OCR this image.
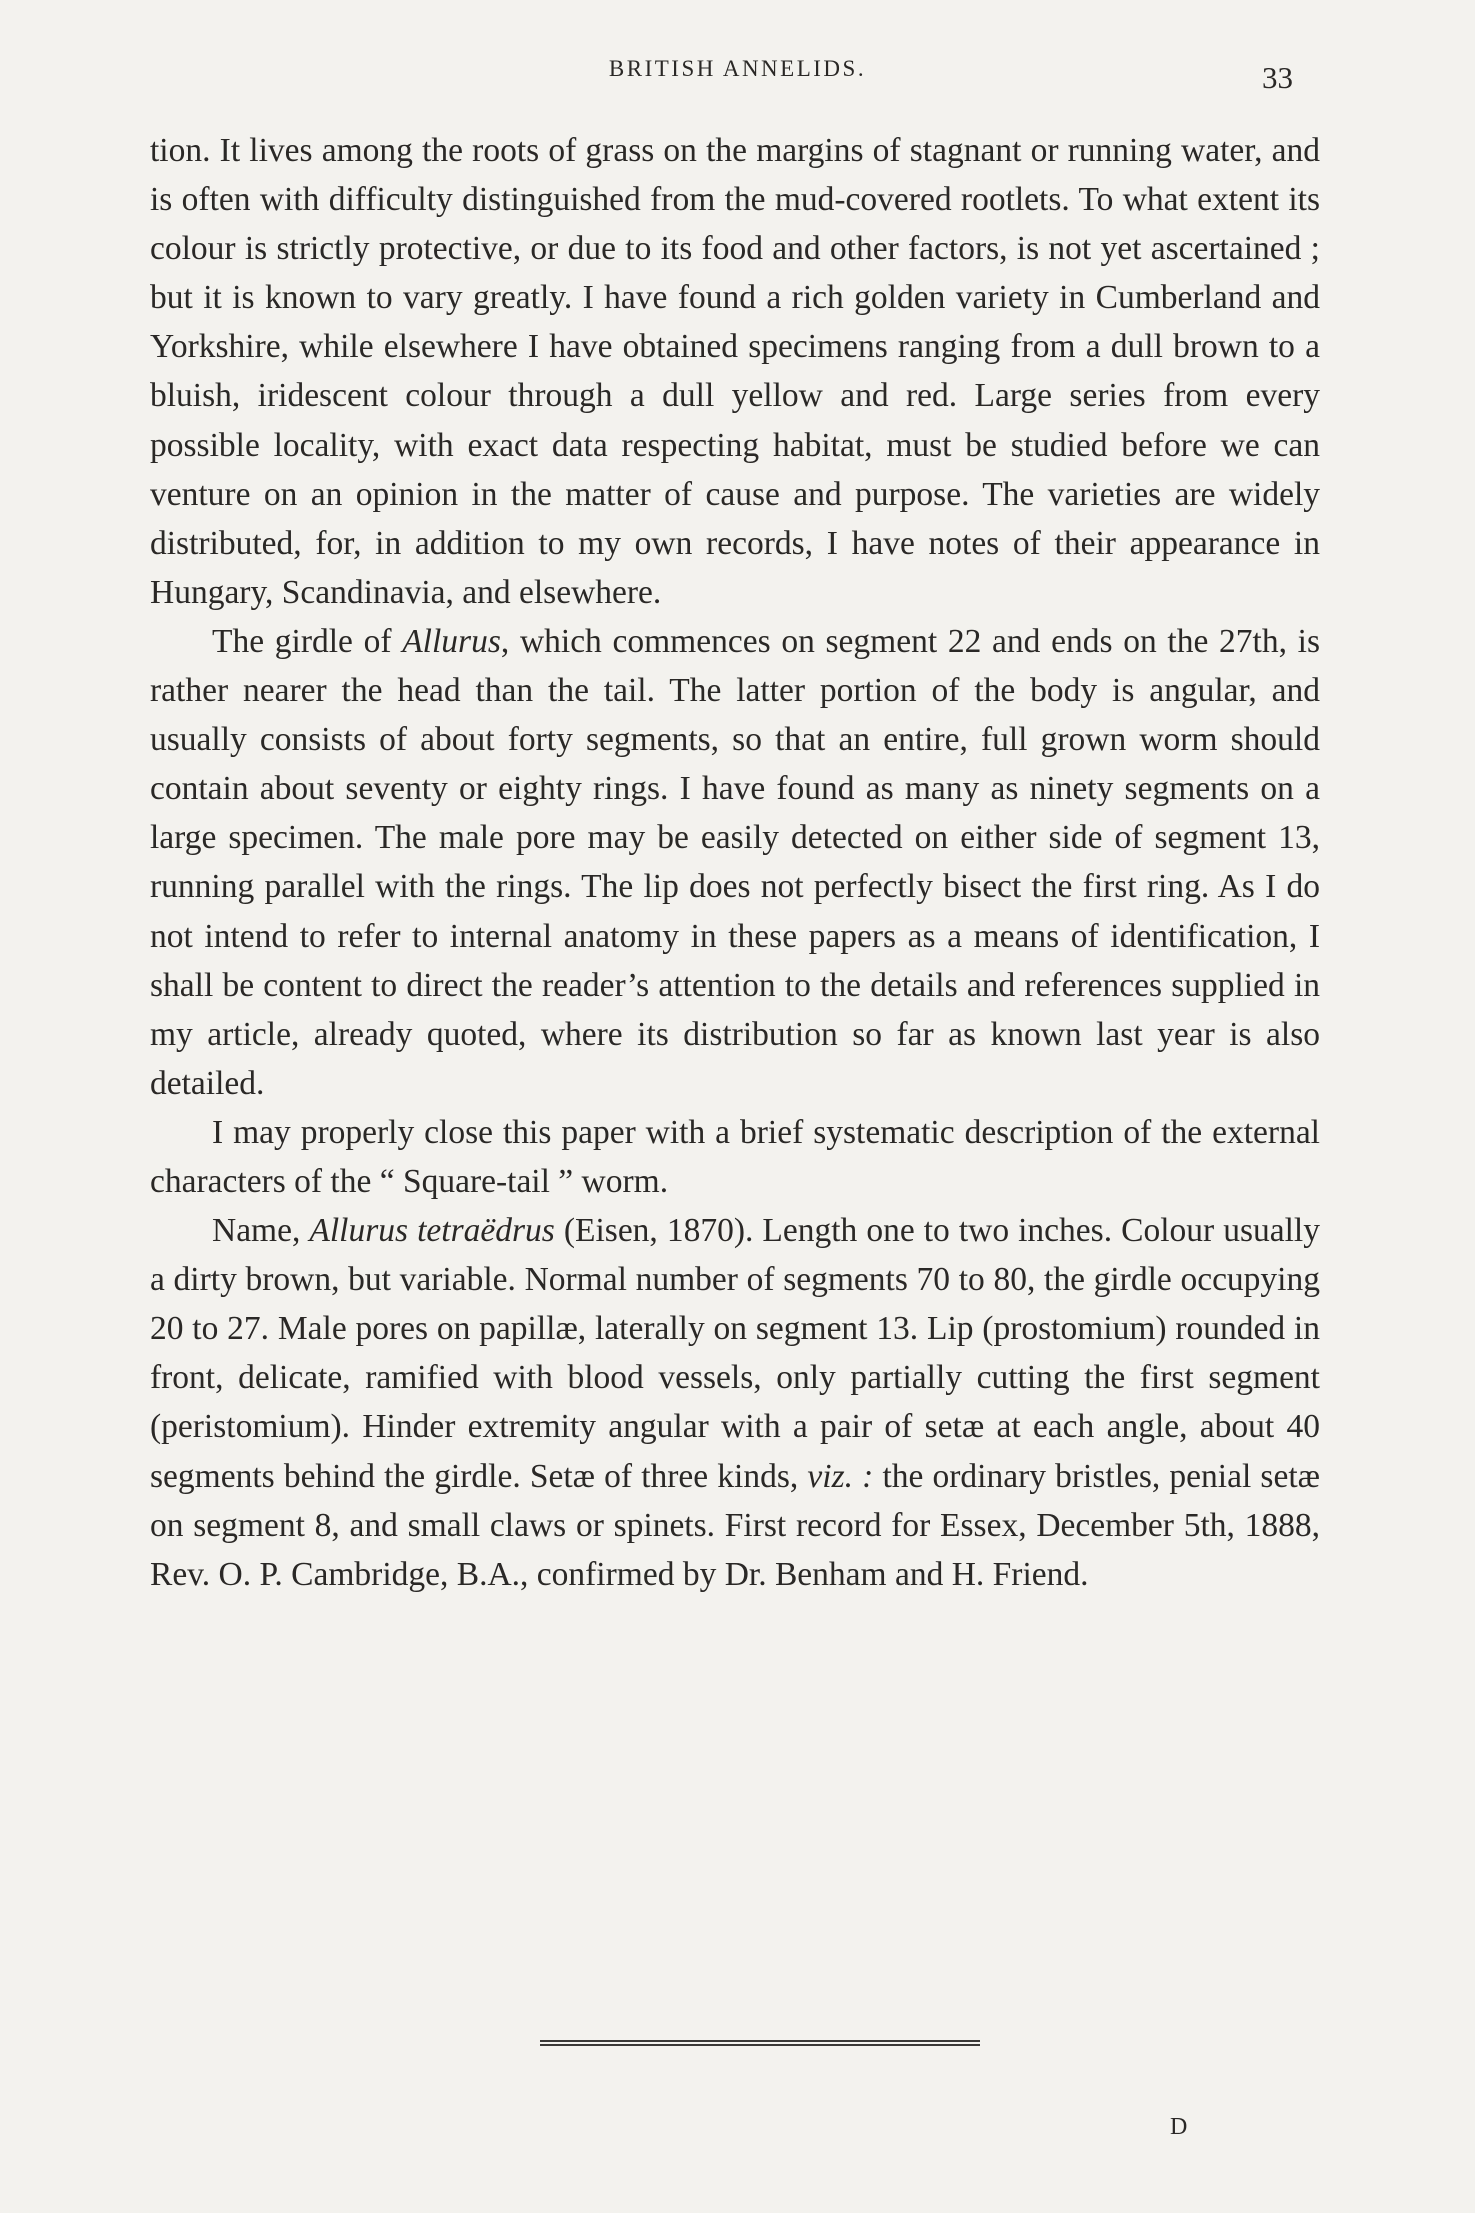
BRITISH ANNELIDS.	33

tion. It lives among the roots of grass on the margins of stagnant or running water, and is often with difficulty distinguished from the mud-covered rootlets. To what extent its colour is strictly protective, or due to its food and other factors, is not yet ascertained ; but it is known to vary greatly. I have found a rich golden variety in Cumberland and Yorkshire, while elsewhere I have obtained specimens ranging from a dull brown to a bluish, iridescent colour through a dull yellow and red. Large series from every possible locality, with exact data respecting habitat, must be studied before we can venture on an opinion in the matter of cause and purpose. The varieties are widely distributed, for, in addition to my own records, I have notes of their appearance in Hungary, Scandinavia, and elsewhere.

The girdle of Allurus, which commences on segment 22 and ends on the 27th, is rather nearer the head than the tail. The latter portion of the body is angular, and usually consists of about forty segments, so that an entire, full grown worm should contain about seventy or eighty rings. I have found as many as ninety segments on a large specimen. The male pore may be easily detected on either side of segment 13, running parallel with the rings. The lip does not perfectly bisect the first ring. As I do not intend to refer to internal anatomy in these papers as a means of identification, I shall be content to direct the reader’s attention to the details and references supplied in my article, already quoted, where its distribution so far as known last year is also detailed.

I may properly close this paper with a brief systematic description of the external characters of the “ Square-tail ” worm.

Name, Allurus tetraëdrus (Eisen, 1870). Length one to two inches. Colour usually a dirty brown, but variable. Normal number of segments 70 to 80, the girdle occupying 20 to 27. Male pores on papillæ, laterally on segment 13. Lip (prostomium) rounded in front, delicate, ramified with blood vessels, only partially cutting the first segment (peristomium). Hinder extremity angular with a pair of setæ at each angle, about 40 segments behind the girdle. Setæ of three kinds, viz. : the ordinary bristles, penial setæ on segment 8, and small claws or spinets. First record for Essex, December 5th, 1888, Rev. O. P. Cambridge, B.A., confirmed by Dr. Benham and H. Friend.

D
